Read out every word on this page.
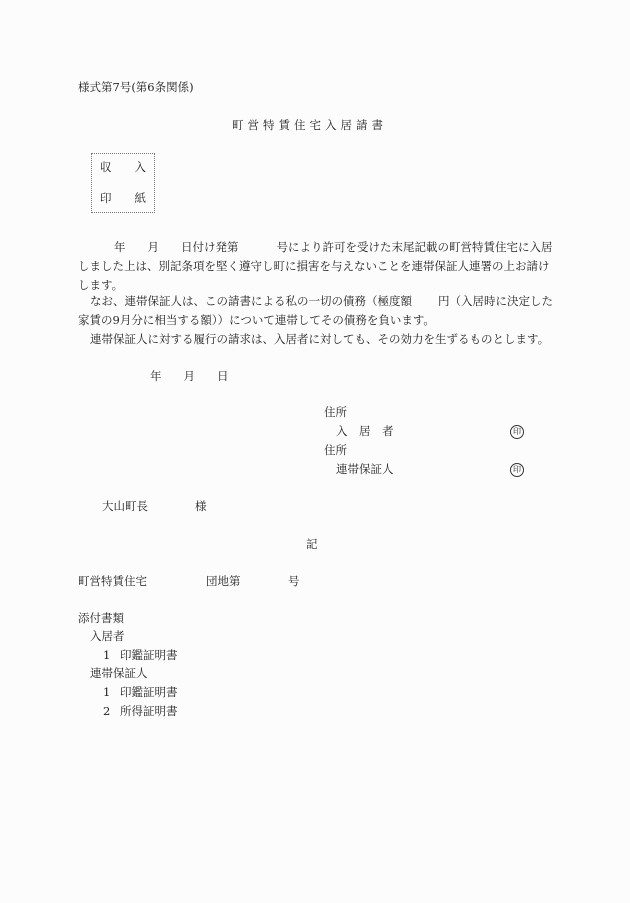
様式第7号(第6条関係)
町営特賃住宅入居請書
収 入
印 紙
年 月 日付け発第	号により許可を受けた末尾記載の町営特賃住宅に入居しました上は、別記条項を堅く遵守し町に損害を与えないことを連帯保証人連署の上お請けします。
なお、連帯保証人は、この請書による私の一切の債務（極度額 円（入居時に決定した家賃の9月分に相当する額））について連帯してその債務を負います。
連帯保証人に対する履行の請求は、入居者に対しても、その効力を生ずるものとします。
年 月 日
住所
入　居　者	印
住所
連帯保証人	印
大山町長	様
記
町営特賃住宅	団地第	号
添付書類
入居者
1 印鑑証明書
連帯保証人
1 印鑑証明書
2 所得証明書
